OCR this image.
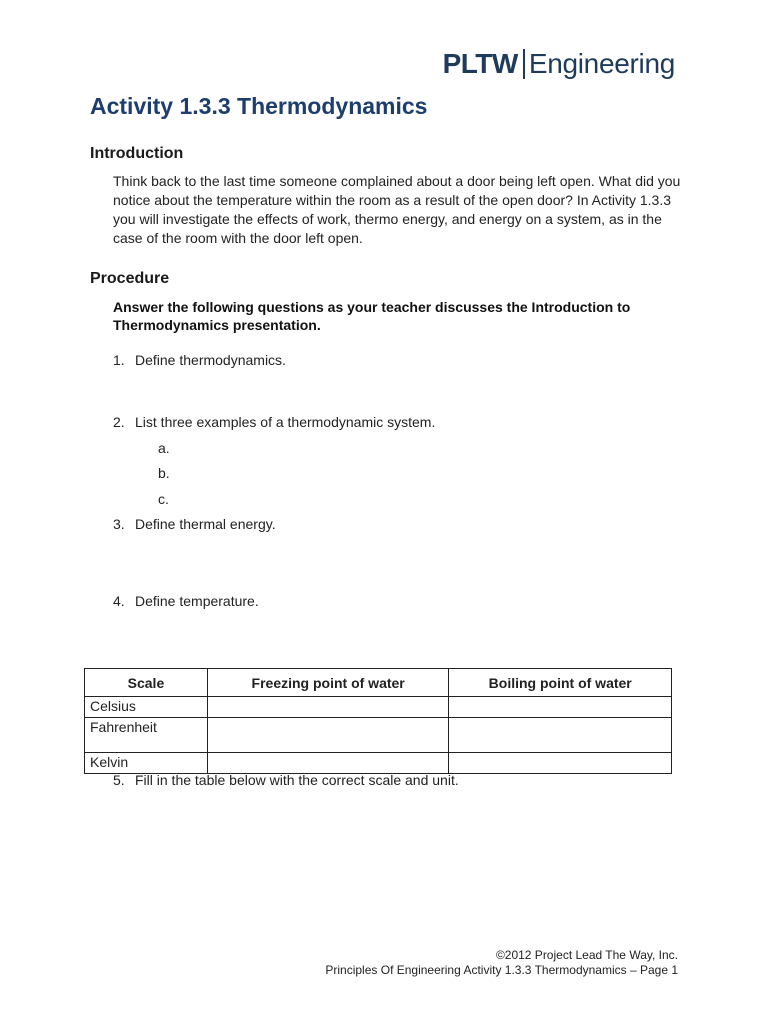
PLTW Engineering
Activity 1.3.3 Thermodynamics
Introduction

Think back to the last time someone complained about a door being left open. What did you notice about the temperature within the room as a result of the open door? In Activity 1.3.3 you will investigate the effects of work, thermo energy, and energy on a system, as in the case of the room with the door left open.

Procedure

Answer the following questions as your teacher discusses the Introduction to Thermodynamics presentation.

1. Define thermodynamics.
2. List three examples of a thermodynamic system.
a.
b.
c.
3. Define thermal energy.
4. Define temperature.
Scale	Freezing point of water	Boiling point of water
Celsius		
Fahrenheit		
Kelvin		
5. Fill in the table below with the correct scale and unit.
©2012 Project Lead The Way, Inc.
Principles Of Engineering Activity 1.3.3 Thermodynamics – Page 1
